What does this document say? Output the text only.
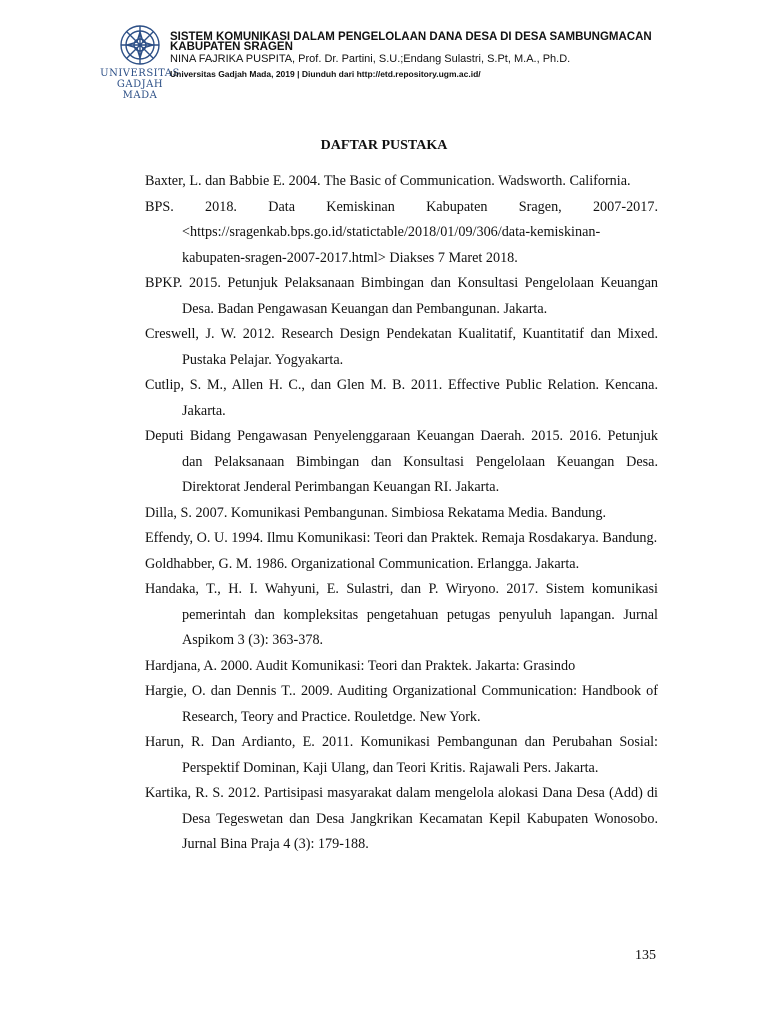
UNIVERSITAS
GADJAH MADA
SISTEM KOMUNIKASI DALAM PENGELOLAAN DANA DESA DI DESA SAMBUNGMACAN
KABUPATEN SRAGEN
NINA FAJRIKA PUSPITA, Prof. Dr. Partini, S.U.;Endang Sulastri, S.Pt, M.A., Ph.D.
Universitas Gadjah Mada, 2019 | Diunduh dari http://etd.repository.ugm.ac.id/
DAFTAR PUSTAKA
Baxter, L. dan Babbie E. 2004. The Basic of Communication. Wadsworth. California.
BPS. 2018. Data Kemiskinan Kabupaten Sragen, 2007-2017. <https://sragenkab.bps.go.id/statictable/2018/01/09/306/data-kemiskinan-kabupaten-sragen-2007-2017.html> Diakses 7 Maret 2018.
BPKP. 2015. Petunjuk Pelaksanaan Bimbingan dan Konsultasi Pengelolaan Keuangan Desa. Badan Pengawasan Keuangan dan Pembangunan. Jakarta.
Creswell, J. W. 2012. Research Design Pendekatan Kualitatif, Kuantitatif dan Mixed. Pustaka Pelajar. Yogyakarta.
Cutlip, S. M., Allen H. C., dan Glen M. B. 2011. Effective Public Relation. Kencana. Jakarta.
Deputi Bidang Pengawasan Penyelenggaraan Keuangan Daerah. 2015. 2016. Petunjuk dan Pelaksanaan Bimbingan dan Konsultasi Pengelolaan Keuangan Desa. Direktorat Jenderal Perimbangan Keuangan RI. Jakarta.
Dilla, S. 2007. Komunikasi Pembangunan. Simbiosa Rekatama Media. Bandung.
Effendy, O. U. 1994. Ilmu Komunikasi: Teori dan Praktek. Remaja Rosdakarya. Bandung.
Goldhabber, G. M. 1986. Organizational Communication. Erlangga. Jakarta.
Handaka, T., H. I. Wahyuni, E. Sulastri, dan P. Wiryono. 2017. Sistem komunikasi pemerintah dan kompleksitas pengetahuan petugas penyuluh lapangan. Jurnal Aspikom 3 (3): 363-378.
Hardjana, A. 2000. Audit Komunikasi: Teori dan Praktek. Jakarta: Grasindo
Hargie, O. dan Dennis T.. 2009. Auditing Organizational Communication: Handbook of Research, Teory and Practice. Rouletdge. New York.
Harun, R. Dan Ardianto, E. 2011. Komunikasi Pembangunan dan Perubahan Sosial: Perspektif Dominan, Kaji Ulang, dan Teori Kritis. Rajawali Pers. Jakarta.
Kartika, R. S. 2012. Partisipasi masyarakat dalam mengelola alokasi Dana Desa (Add) di Desa Tegeswetan dan Desa Jangkrikan Kecamatan Kepil Kabupaten Wonosobo. Jurnal Bina Praja 4 (3): 179-188.
135
